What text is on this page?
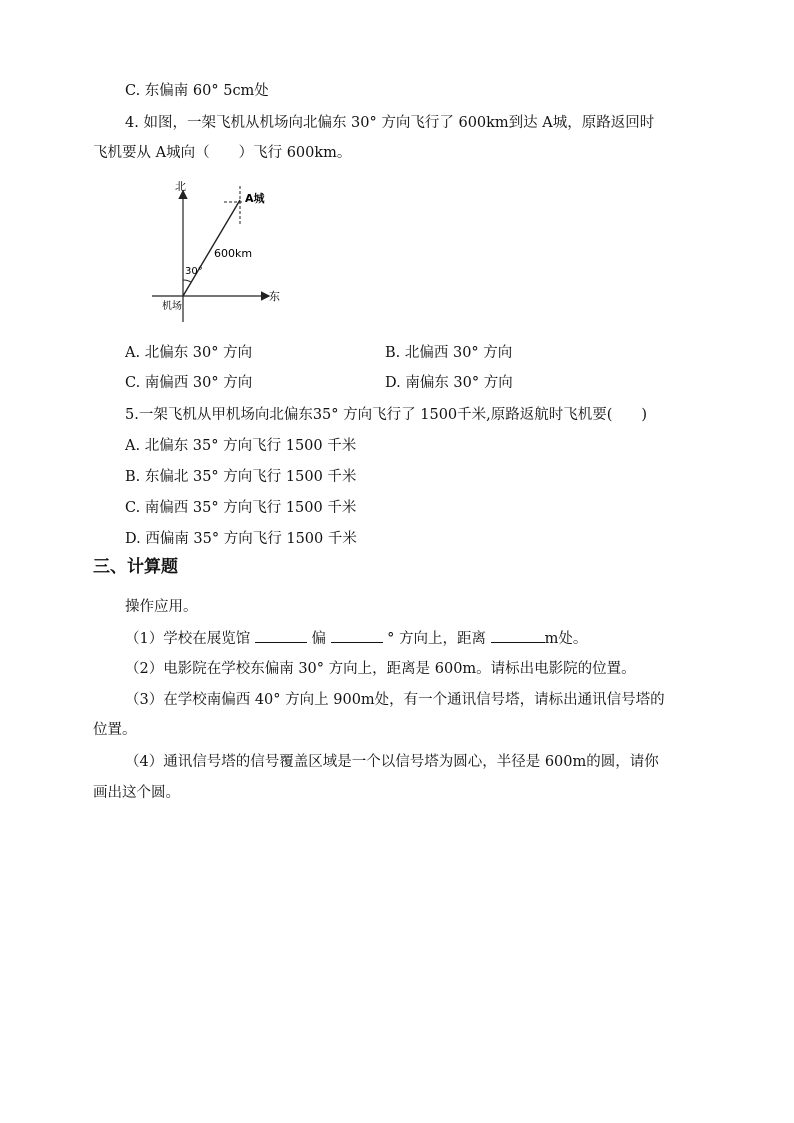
C. 东偏南 60° 5cm处
4. 如图，一架飞机从机场向北偏东 30° 方向飞行了 600km到达 A城，原路返回时
飞机要从 A城向（　　）飞行 600km。
北
东
机场
A城
600km
30°
A. 北偏东 30° 方向	B. 北偏西 30° 方向
C. 南偏西 30° 方向	D. 南偏东 30° 方向
5.一架飞机从甲机场向北偏东35° 方向飞行了 1500千米,原路返航时飞机要(　　)
A. 北偏东 35° 方向飞行 1500 千米
B. 东偏北 35° 方向飞行 1500 千米
C. 南偏西 35° 方向飞行 1500 千米
D. 西偏南 35° 方向飞行 1500 千米
三、计算题
操作应用。
（1）学校在展览馆	偏	° 方向上，距离	m处。
（2）电影院在学校东偏南 30° 方向上，距离是 600m。请标出电影院的位置。
（3）在学校南偏西 40° 方向上 900m处，有一个通讯信号塔，请标出通讯信号塔的
位置。
（4）通讯信号塔的信号覆盖区域是一个以信号塔为圆心，半径是 600m的圆，请你
画出这个圆。
